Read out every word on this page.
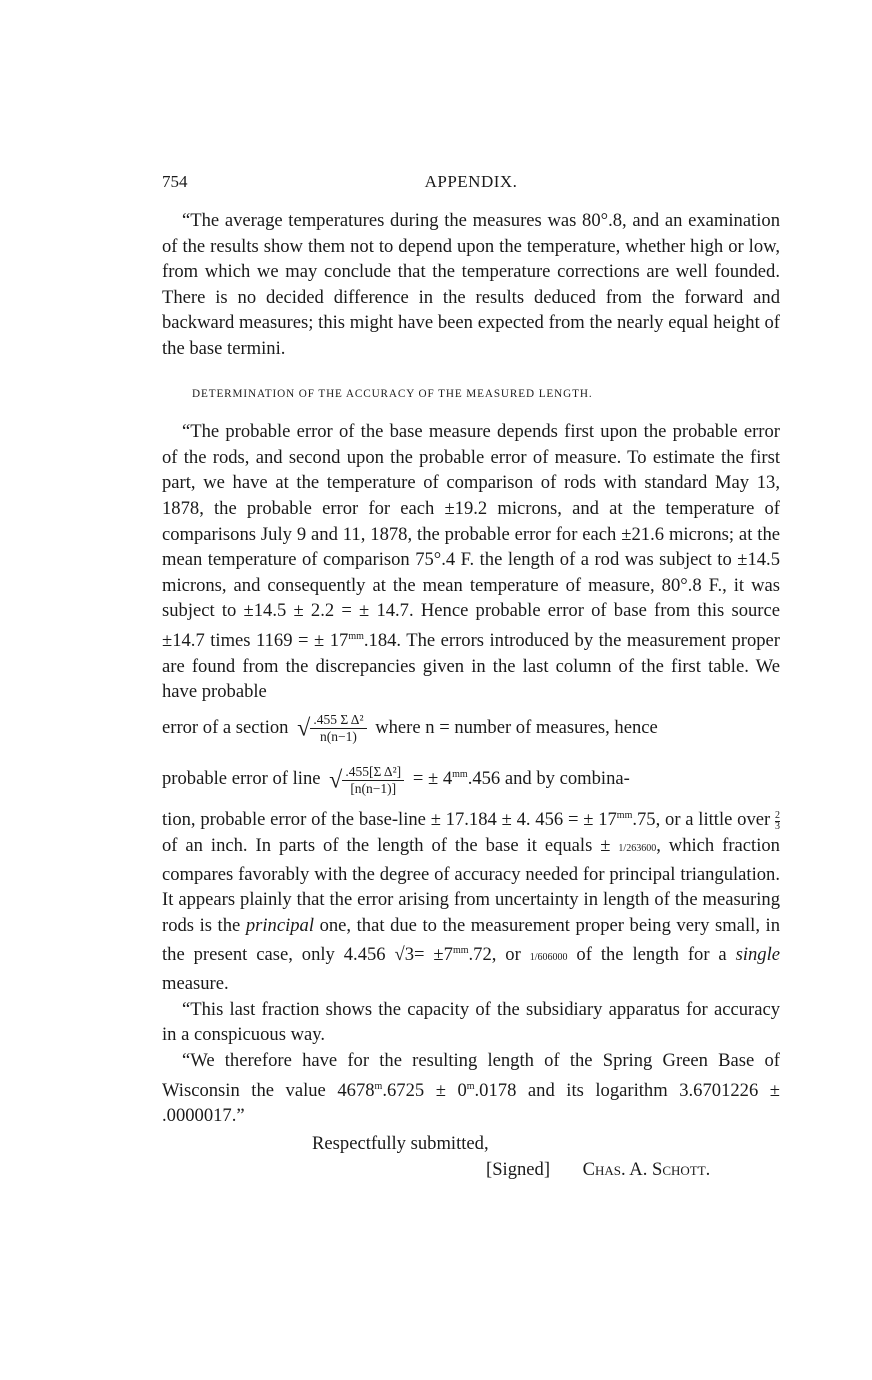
754	APPENDIX.

“The average temperatures during the measures was 80°.8, and an examination of the results show them not to depend upon the temperature, whether high or low, from which we may conclude that the temperature corrections are well founded. There is no decided difference in the results deduced from the forward and backward measures; this might have been expected from the nearly equal height of the base termini.

DETERMINATION OF THE ACCURACY OF THE MEASURED LENGTH.

“The probable error of the base measure depends first upon the probable error of the rods, and second upon the probable error of measure. To estimate the first part, we have at the temperature of comparison of rods with standard May 13, 1878, the probable error for each ±19.2 microns, and at the temperature of comparisons July 9 and 11, 1878, the probable error for each ±21.6 microns; at the mean temperature of comparison 75°.4 F. the length of a rod was subject to ±14.5 microns, and consequently at the mean temperature of measure, 80°.8 F., it was subject to ±14.5 ± 2.2 = ± 14.7. Hence probable error of base from this source ±14.7 times 1169 = ± $17^{mm}.184$. The errors introduced by the measurement proper are found from the discrepancies given in the last column of the first table. We have probable

error of a section √ $\frac{\text{.455 Σ Δ²}}{n(n-1)}$ where n = number of measures, hence

probable error of line √ $\frac{\text{.455[Σ Δ²]}}{[n(n-1)]}$ = ± $4^{mm}.456$ and by combina-

tion, probable error of the base-line ± 17.184 ± 4. 456 = ± $17^{mm}.75$, or a little over $\frac{2}{3}$
of an inch. In parts of the length of the base it equals ± 1/263600, which fraction compares favorably with the degree of accuracy needed for principal triangulation. It appears plainly that the error arising from uncertainty in length of the measuring rods is the principal one, that due to the measurement proper being very small, in the present case, only 4.456 $√3= \pm 7^{mm}.72$, or 1/606000 of the length for a single measure.

“This last fraction shows the capacity of the subsidiary apparatus for accuracy in a conspicuous way.

“We therefore have for the resulting length of the Spring Green Base of Wisconsin the value $4678^m.6725 \pm 0^m.0178$ and its logarithm 3.6701226 ± .0000017.”

Respectfully submitted,

[Signed] Chas. A. Schott.
